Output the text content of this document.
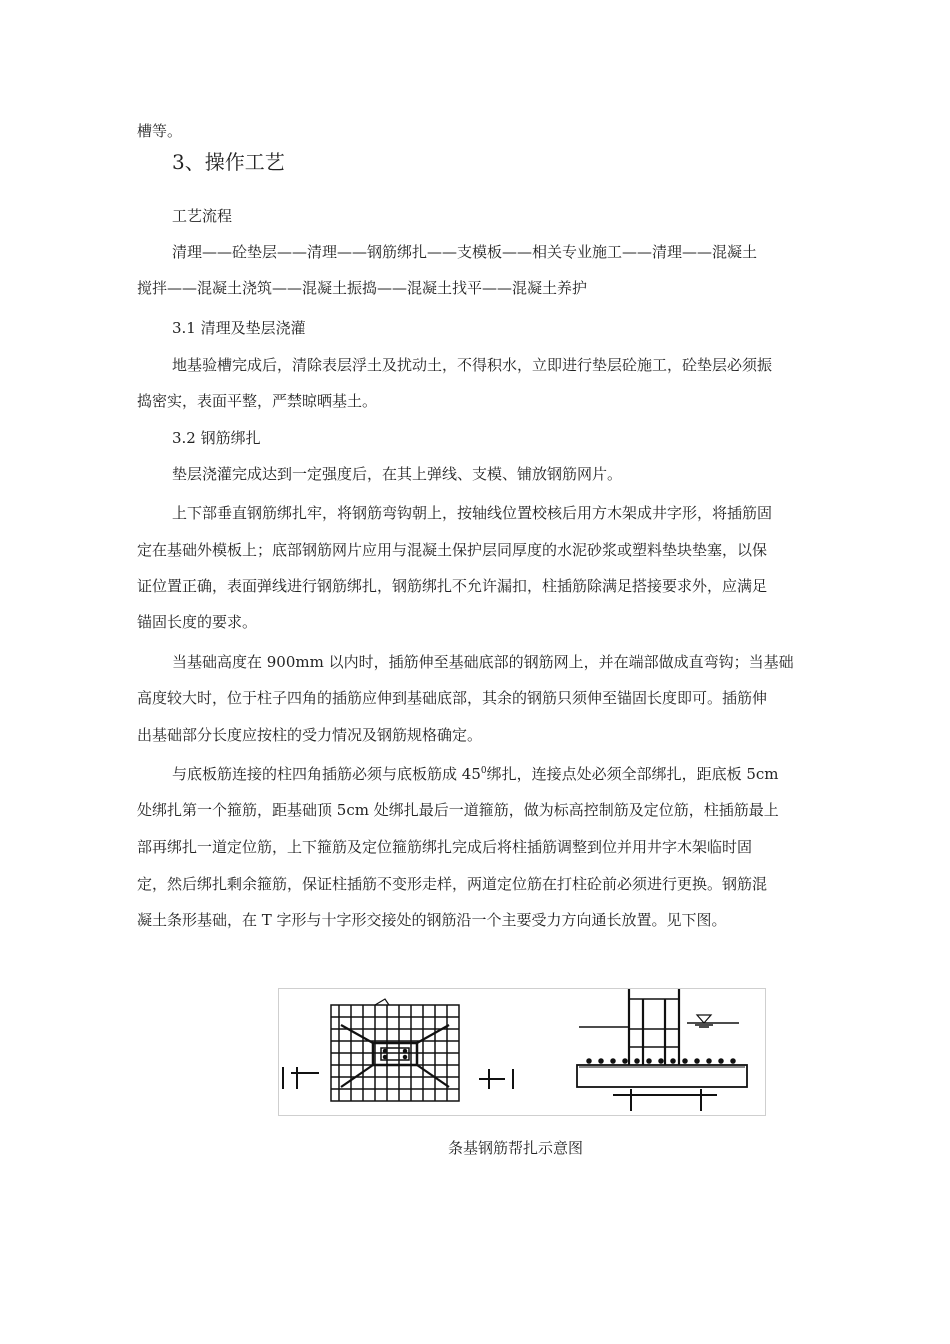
槽等。
3、操作工艺
工艺流程
清理——砼垫层——清理——钢筋绑扎——支模板——相关专业施工——清理——混凝土
搅拌——混凝土浇筑——混凝土振捣——混凝土找平——混凝土养护
3.1 清理及垫层浇灌
地基验槽完成后，清除表层浮土及扰动土，不得积水，立即进行垫层砼施工，砼垫层必须振
捣密实，表面平整，严禁晾晒基土。
3.2 钢筋绑扎
垫层浇灌完成达到一定强度后，在其上弹线、支模、铺放钢筋网片。
上下部垂直钢筋绑扎牢，将钢筋弯钩朝上，按轴线位置校核后用方木架成井字形，将插筋固
定在基础外模板上；底部钢筋网片应用与混凝土保护层同厚度的水泥砂浆或塑料垫块垫塞，以保
证位置正确，表面弹线进行钢筋绑扎，钢筋绑扎不允许漏扣，柱插筋除满足搭接要求外，应满足
锚固长度的要求。
当基础高度在 900mm 以内时，插筋伸至基础底部的钢筋网上，并在端部做成直弯钩；当基础
高度较大时，位于柱子四角的插筋应伸到基础底部，其余的钢筋只须伸至锚固长度即可。插筋伸
出基础部分长度应按柱的受力情况及钢筋规格确定。
与底板筋连接的柱四角插筋必须与底板筋成 $45^0$绑扎，连接点处必须全部绑扎，距底板 5cm
处绑扎第一个箍筋，距基础顶 5cm 处绑扎最后一道箍筋，做为标高控制筋及定位筋，柱插筋最上
部再绑扎一道定位筋，上下箍筋及定位箍筋绑扎完成后将柱插筋调整到位并用井字木架临时固
定，然后绑扎剩余箍筋，保证柱插筋不变形走样，两道定位筋在打柱砼前必须进行更换。钢筋混
凝土条形基础，在 T 字形与十字形交接处的钢筋沿一个主要受力方向通长放置。见下图。
条基钢筋帮扎示意图
